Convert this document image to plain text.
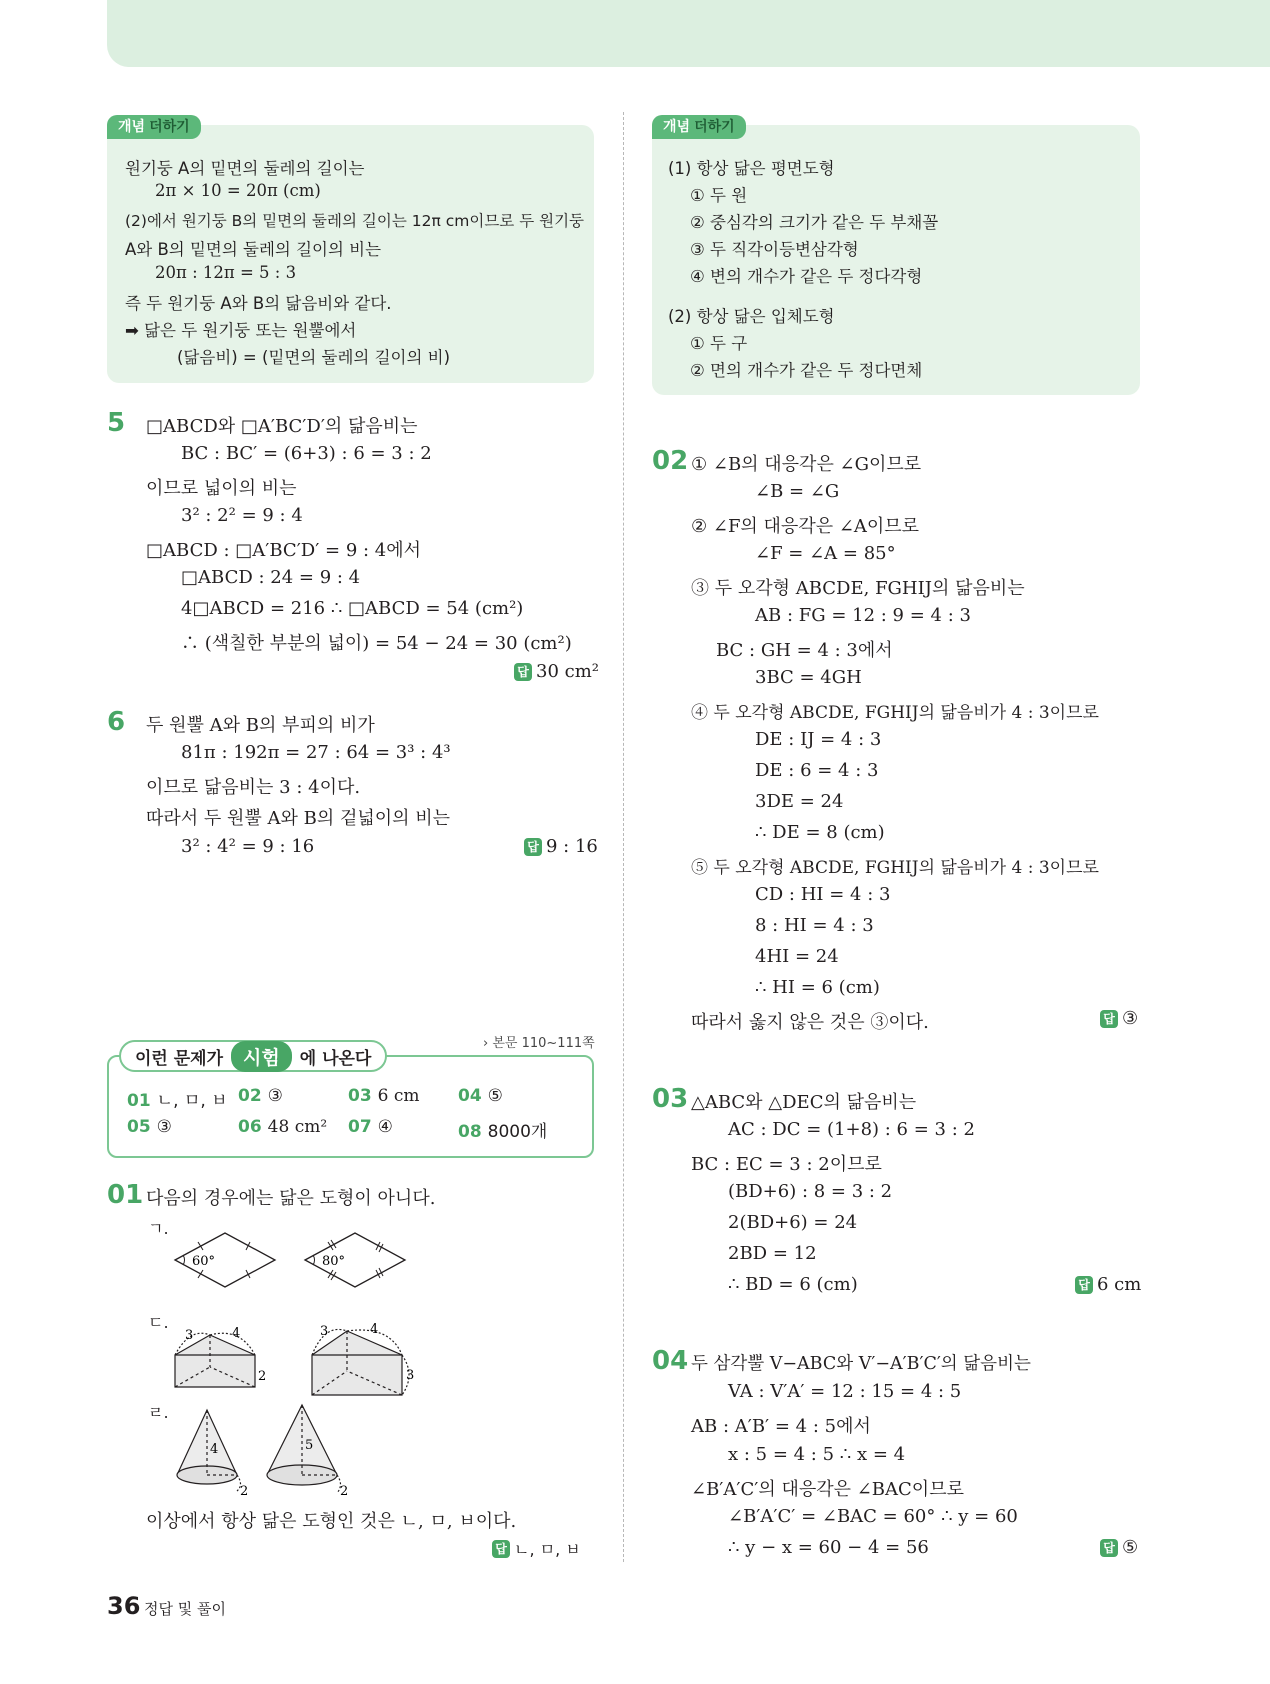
개념 더하기
원기둥 A의 밑면의 둘레의 길이는
2π × 10 = 20π (cm)
(2)에서 원기둥 B의 밑면의 둘레의 길이는 12π cm이므로 두 원기둥
A와 B의 밑면의 둘레의 길이의 비는
20π : 12π = 5 : 3
즉 두 원기둥 A와 B의 닮음비와 같다.
➡ 닮은 두 원기둥 또는 원뿔에서
(닮음비) = (밑면의 둘레의 길이의 비)
개념 더하기
(1) 항상 닮은 평면도형
① 두 원
② 중심각의 크기가 같은 두 부채꼴
③ 두 직각이등변삼각형
④ 변의 개수가 같은 두 정다각형
(2) 항상 닮은 입체도형
① 두 구
② 면의 개수가 같은 두 정다면체
5 □ABCD와 □A′BC′D′의 닮음비는
BC : BC′ = (6+3) : 6 = 3 : 2
이므로 넓이의 비는
3² : 2² = 9 : 4
□ABCD : □A′BC′D′ = 9 : 4에서
□ABCD : 24 = 9 : 4
4□ABCD = 216 ∴ □ABCD = 54 (cm²)
∴ (색칠한 부분의 넓이) = 54 − 24 = 30 (cm²)
답 30 cm²
6 두 원뿔 A와 B의 부피의 비가
81π : 192π = 27 : 64 = 3³ : 4³
이므로 닮음비는 3 : 4이다.
따라서 두 원뿔 A와 B의 겉넓이의 비는
3² : 4² = 9 : 16	답 9 : 16
이런 문제가	시험	에 나온다
› 본문 110~111쪽
01 ㄴ, ㅁ, ㅂ 02 ③	03 6 cm 04 ⑤
05 ③	06 48 cm² 07 ④	08 8000개
01 다음의 경우에는 닮은 도형이 아니다.
ㄱ.
ㄷ.
ㄹ.
60°	80°
3	4
2
3	4
3
4
2
5
2
이상에서 항상 닮은 도형인 것은 ㄴ, ㅁ, ㅂ이다.
답 ㄴ, ㅁ, ㅂ
02 ① ∠B의 대응각은 ∠G이므로
∠B = ∠G
② ∠F의 대응각은 ∠A이므로
∠F = ∠A = 85°
③ 두 오각형 ABCDE, FGHIJ의 닮음비는
AB : FG = 12 : 9 = 4 : 3
BC : GH = 4 : 3에서
3BC = 4GH
④ 두 오각형 ABCDE, FGHIJ의 닮음비가 4 : 3이므로
DE : IJ = 4 : 3
DE : 6 = 4 : 3
3DE = 24
∴ DE = 8 (cm)
⑤ 두 오각형 ABCDE, FGHIJ의 닮음비가 4 : 3이므로
CD : HI = 4 : 3
8 : HI = 4 : 3
4HI = 24
∴ HI = 6 (cm)
따라서 옳지 않은 것은 ③이다.	답 ③
03 △ABC와 △DEC의 닮음비는
AC : DC = (1+8) : 6 = 3 : 2
BC : EC = 3 : 2이므로
(BD+6) : 8 = 3 : 2
2(BD+6) = 24
2BD = 12
∴ BD = 6 (cm)	답 6 cm
04 두 삼각뿔 V−ABC와 V′−A′B′C′의 닮음비는
VA : V′A′ = 12 : 15 = 4 : 5
AB : A′B′ = 4 : 5에서
x : 5 = 4 : 5 ∴ x = 4
∠B′A′C′의 대응각은 ∠BAC이므로
∠B′A′C′ = ∠BAC = 60° ∴ y = 60
∴ y − x = 60 − 4 = 56	답 ⑤
36 정답 및 풀이
